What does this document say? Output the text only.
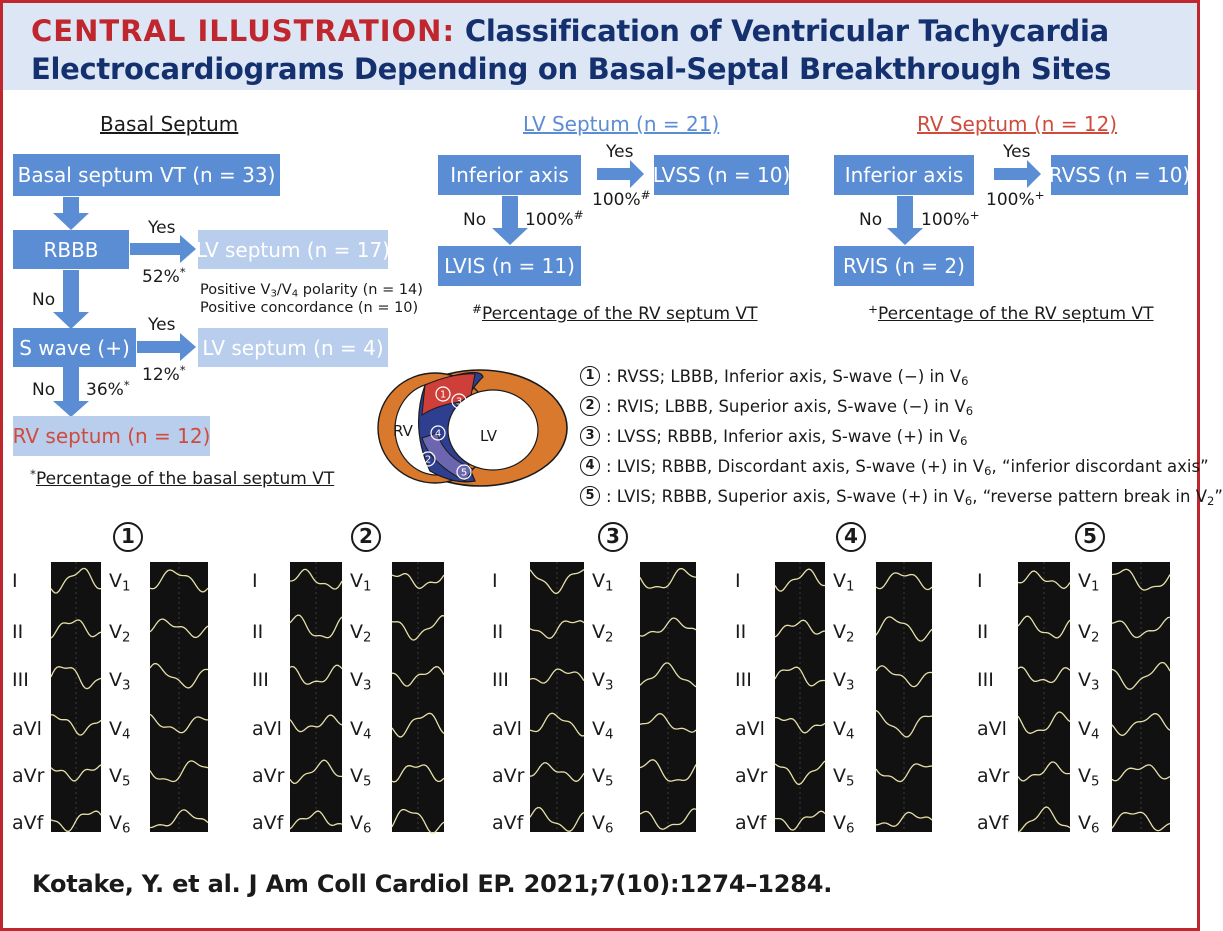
CENTRAL ILLUSTRATION: Classification of Ventricular Tachycardia Electrocardiograms Depending on Basal-Septal Breakthrough Sites
Basal Septum
Basal septum VT (n = 33)
RBBB	LV septum (n = 17)
S wave (+)	LV septum (n = 4)
RV septum (n = 12)
Yes
52%*
No	Positive $V_3/V_4$ polarity (n = 14)
Positive concordance (n = 10)
Yes
12%*
No 36%*
*Percentage of the basal septum VT
LV Septum (n = 21)
Inferior axis	LVSS (n = 10)
LVIS (n = 11)
Yes
100%#
No 100%#
#Percentage of the RV septum VT
RV Septum (n = 12)
Inferior axis	RVSS (n = 10)
RVIS (n = 2)
Yes
100%+
No 100%+
+Percentage of the RV septum VT
RV	LV
1
3
4
2
5
1 : RVSS; LBBB, Inferior axis, S-wave (−) in $V_6$
2 : RVIS; LBBB, Superior axis, S-wave (−) in $V_6$
3 : LVSS; RBBB, Inferior axis, S-wave (+) in $V_6$
4 : LVIS; RBBB, Discordant axis, S-wave (+) in $V_6$, “inferior discordant axis”
5 : LVIS; RBBB, Superior axis, S-wave (+) in $V_6$, “reverse pattern break in $V_2$”
1
I	$V_1$
II	$V_2$
III	$V_3$
aVl	$V_4$
aVr	$V_5$
aVf	$V_6$
2
I	$V_1$
II	$V_2$
III	$V_3$
aVl	$V_4$
aVr	$V_5$
aVf	$V_6$
3
I	$V_1$
II	$V_2$
III	$V_3$
aVl	$V_4$
aVr	$V_5$
aVf	$V_6$
4
I	$V_1$
II	$V_2$
III	$V_3$
aVl	$V_4$
aVr	$V_5$
aVf	$V_6$
5
I	$V_1$
II	$V_2$
III	$V_3$
aVl	$V_4$
aVr	$V_5$
aVf	$V_6$
Kotake, Y. et al. J Am Coll Cardiol EP. 2021;7(10):1274–1284.
